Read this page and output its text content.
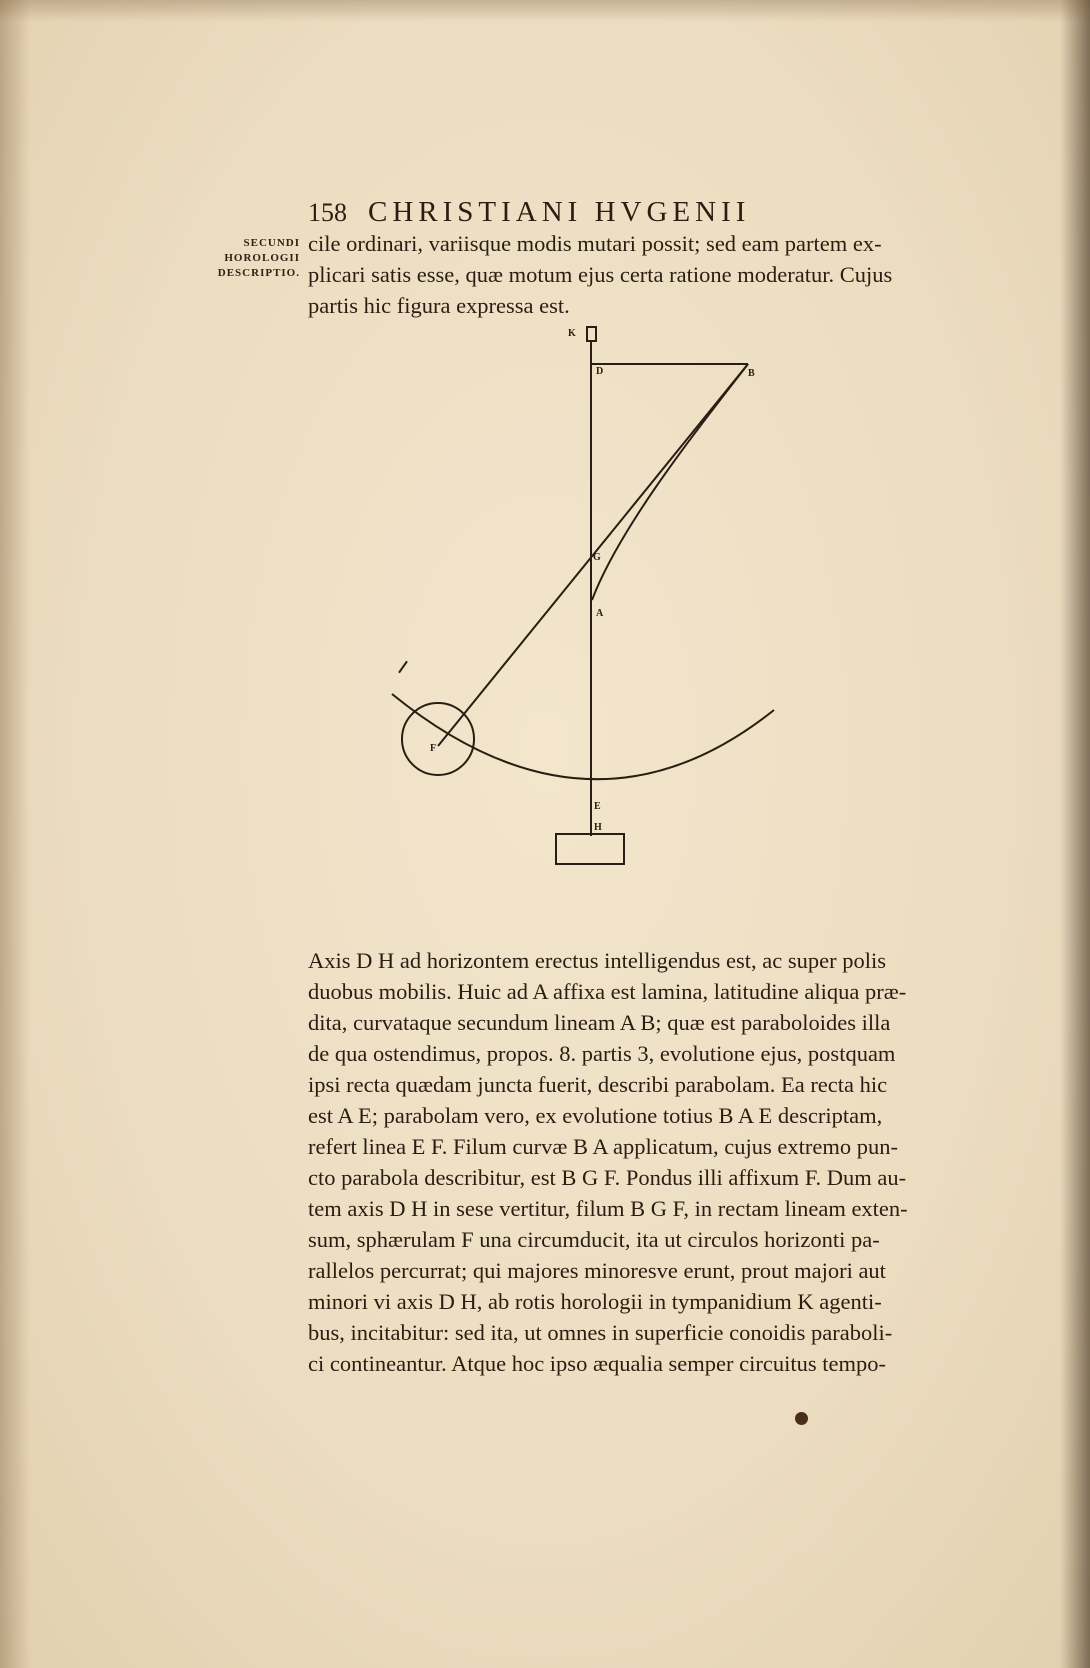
158 CHRISTIANI HVGENII
SECUNDI
HOROLOGII
DESCRIPTIO.
cile ordinari, variisque modis mutari possit; sed eam partem ex-
plicari satis esse, quæ motum ejus certa ratione moderatur. Cujus
partis hic figura expressa est.
K
D	B
G
A
F
E
H
Axis D H ad horizontem erectus intelligendus est, ac super polis
duobus mobilis. Huic ad A affixa est lamina, latitudine aliqua præ-
dita, curvataque secundum lineam A B; quæ est paraboloides illa
de qua ostendimus, propos. 8. partis 3, evolutione ejus, postquam
ipsi recta quædam juncta fuerit, describi parabolam. Ea recta hic
est A E; parabolam vero, ex evolutione totius B A E descriptam,
refert linea E F. Filum curvæ B A applicatum, cujus extremo pun-
cto parabola describitur, est B G F. Pondus illi affixum F. Dum au-
tem axis D H in sese vertitur, filum B G F, in rectam lineam exten-
sum, sphærulam F una circumducit, ita ut circulos horizonti pa-
rallelos percurrat; qui majores minoresve erunt, prout majori aut
minori vi axis D H, ab rotis horologii in tympanidium K agenti-
bus, incitabitur: sed ita, ut omnes in superficie conoidis paraboli-
ci contineantur. Atque hoc ipso æqualia semper circuitus tempo-
